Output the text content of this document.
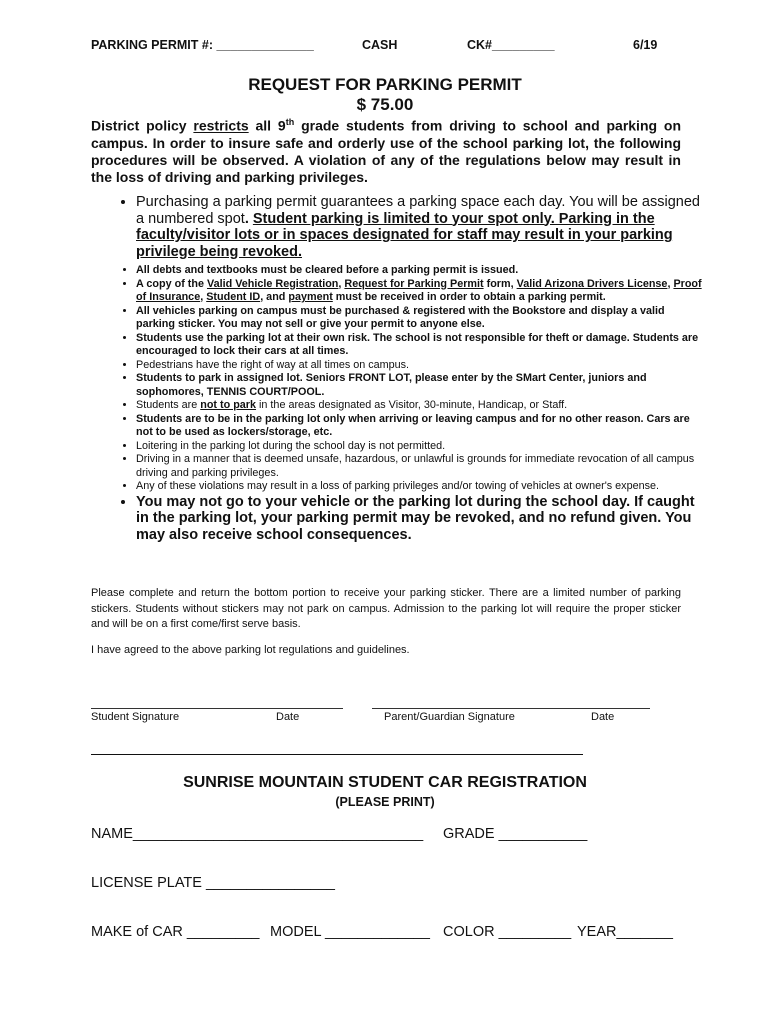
PARKING PERMIT #: ______________	CASH	CK#_________	6/19
REQUEST FOR PARKING PERMIT
$ 75.00
District policy restricts all 9th grade students from driving to school and parking on campus. In order to insure safe and orderly use of the school parking lot, the following procedures will be observed. A violation of any of the regulations below may result in the loss of driving and parking privileges.
• Purchasing a parking permit guarantees a parking space each day. You will be assigned a numbered spot. Student parking is limited to your spot only. Parking in the faculty/visitor lots or in spaces designated for staff may result in your parking privilege being revoked.
• All debts and textbooks must be cleared before a parking permit is issued.
• A copy of the Valid Vehicle Registration, Request for Parking Permit form, Valid Arizona Drivers License, Proof of Insurance, Student ID, and payment must be received in order to obtain a parking permit.
• All vehicles parking on campus must be purchased & registered with the Bookstore and display a valid parking sticker. You may not sell or give your permit to anyone else.
• Students use the parking lot at their own risk. The school is not responsible for theft or damage. Students are encouraged to lock their cars at all times.
• Pedestrians have the right of way at all times on campus.
• Students to park in assigned lot. Seniors FRONT LOT, please enter by the SMart Center, juniors and sophomores, TENNIS COURT/POOL.
• Students are not to park in the areas designated as Visitor, 30-minute, Handicap, or Staff.
• Students are to be in the parking lot only when arriving or leaving campus and for no other reason. Cars are not to be used as lockers/storage, etc.
• Loitering in the parking lot during the school day is not permitted.
• Driving in a manner that is deemed unsafe, hazardous, or unlawful is grounds for immediate revocation of all campus driving and parking privileges.
• Any of these violations may result in a loss of parking privileges and/or towing of vehicles at owner's expense.
• You may not go to your vehicle or the parking lot during the school day. If caught in the parking lot, your parking permit may be revoked, and no refund given. You may also receive school consequences.
Please complete and return the bottom portion to receive your parking sticker. There are a limited number of parking stickers. Students without stickers may not park on campus. Admission to the parking lot will require the proper sticker and will be on a first come/first serve basis.
I have agreed to the above parking lot regulations and guidelines.
Student Signature	Date	Parent/Guardian Signature	Date
SUNRISE MOUNTAIN STUDENT CAR REGISTRATION
(PLEASE PRINT)
NAME____________________________________ GRADE ___________
LICENSE PLATE ________________
MAKE of CAR _________ MODEL _____________ COLOR _________ YEAR_______
